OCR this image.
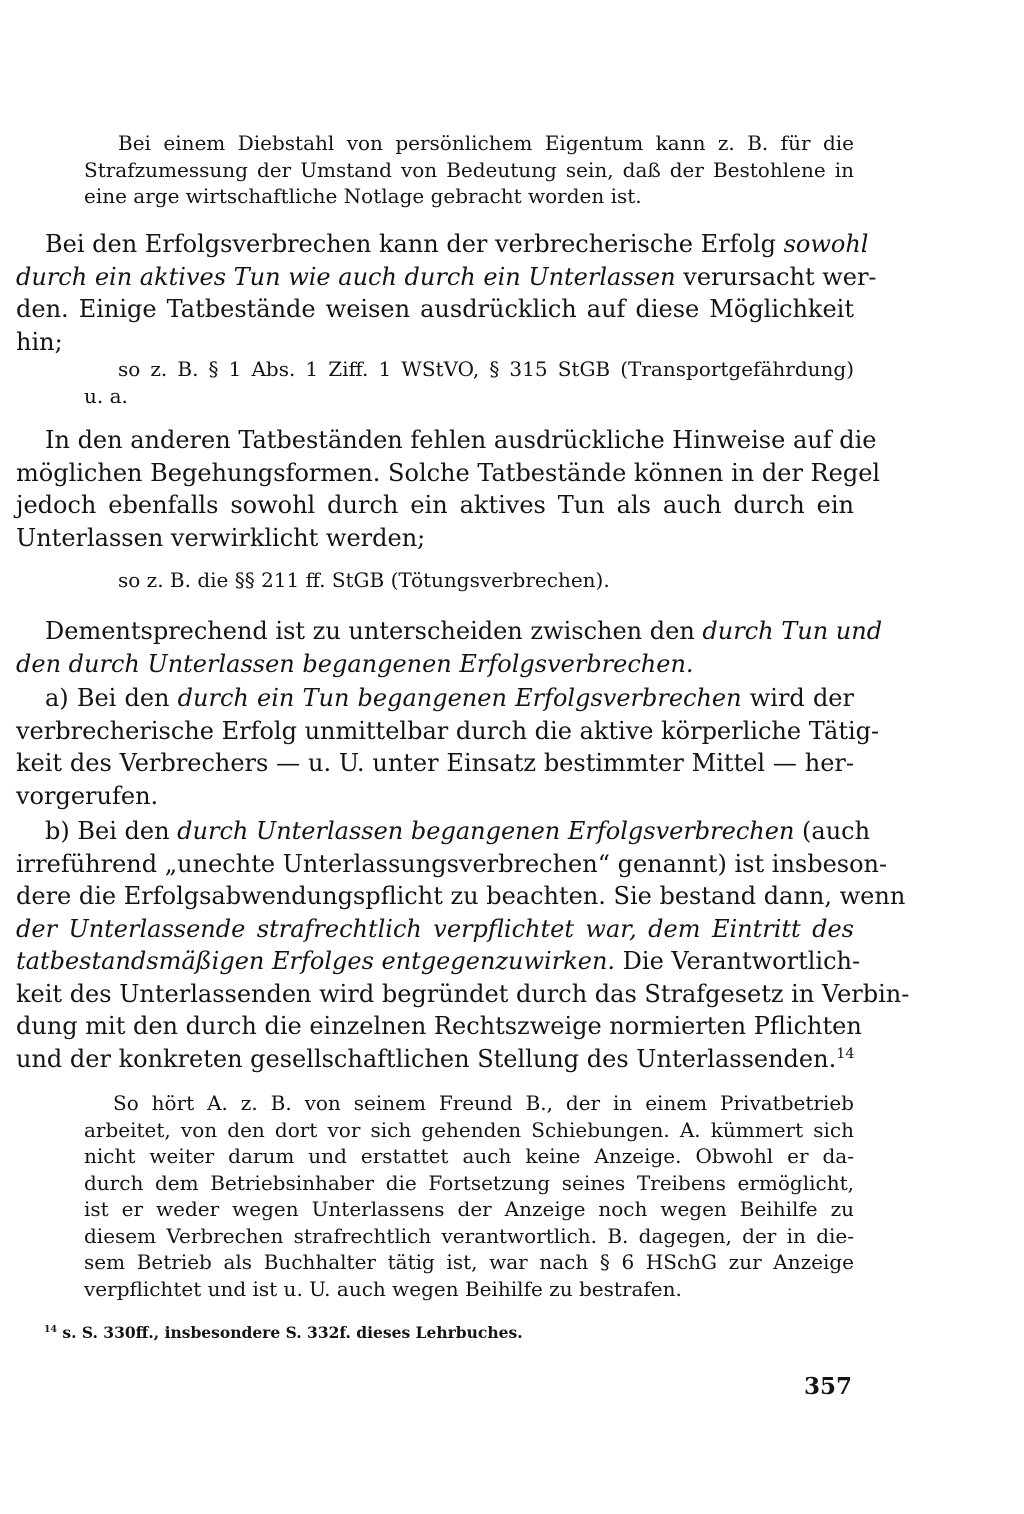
Bei einem Diebstahl von persönlichem Eigentum kann z. B. für die
Strafzumessung der Umstand von Bedeutung sein, daß der Bestohlene in
eine arge wirtschaftliche Notlage gebracht worden ist.
Bei den Erfolgsverbrechen kann der verbrecherische Erfolg sowohl
durch ein aktives Tun wie auch durch ein Unterlassen verursacht wer-
den. Einige Tatbestände weisen ausdrücklich auf diese Möglichkeit
hin;
so z. B. § 1 Abs. 1 Ziff. 1 WStVO, § 315 StGB (Transportgefährdung)
u. a.
In den anderen Tatbeständen fehlen ausdrückliche Hinweise auf die
möglichen Begehungsformen. Solche Tatbestände können in der Regel
jedoch ebenfalls sowohl durch ein aktives Tun als auch durch ein
Unterlassen verwirklicht werden;
so z. B. die §§ 211 ff. StGB (Tötungsverbrechen).
Dementsprechend ist zu unterscheiden zwischen den durch Tun und
den durch Unterlassen begangenen Erfolgsverbrechen.
a) Bei den durch ein Tun begangenen Erfolgsverbrechen wird der
verbrecherische Erfolg unmittelbar durch die aktive körperliche Tätig-
keit des Verbrechers — u. U. unter Einsatz bestimmter Mittel — her-
vorgerufen.
b) Bei den durch Unterlassen begangenen Erfolgsverbrechen (auch
irreführend „unechte Unterlassungsverbrechen“ genannt) ist insbeson-
dere die Erfolgsabwendungspflicht zu beachten. Sie bestand dann, wenn
der Unterlassende strafrechtlich verpflichtet war, dem Eintritt des
tatbestandsmäßigen Erfolges entgegenzuwirken. Die Verantwortlich-
keit des Unterlassenden wird begründet durch das Strafgesetz in Verbin-
dung mit den durch die einzelnen Rechtszweige normierten Pflichten
und der konkreten gesellschaftlichen Stellung des Unterlassenden.$^{14}$
So hört A. z. B. von seinem Freund B., der in einem Privatbetrieb
arbeitet, von den dort vor sich gehenden Schiebungen. A. kümmert sich
nicht weiter darum und erstattet auch keine Anzeige. Obwohl er da-
durch dem Betriebsinhaber die Fortsetzung seines Treibens ermöglicht,
ist er weder wegen Unterlassens der Anzeige noch wegen Beihilfe zu
diesem Verbrechen strafrechtlich verantwortlich. B. dagegen, der in die-
sem Betrieb als Buchhalter tätig ist, war nach § 6 HSchG zur Anzeige
verpflichtet und ist u. U. auch wegen Beihilfe zu bestrafen.
$^{14}$ s. S. 330ff., insbesondere S. 332f. dieses Lehrbuches.
357
